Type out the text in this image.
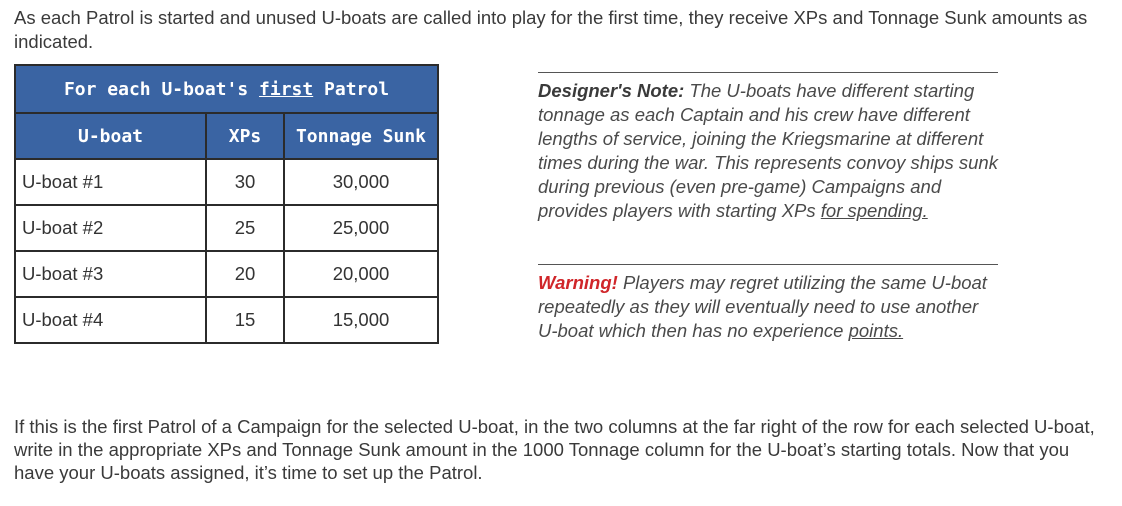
As each Patrol is started and unused U-boats are called into play for the first time, they receive XPs and Tonnage Sunk amounts as indicated.

For each U-boat's first Patrol		
U-boat	XPs	Tonnage Sunk
U-boat #1	30	30,000
U-boat #2	25	25,000
U-boat #3	20	20,000
U-boat #4	15	15,000
Designer's Note: The U-boats have different starting tonnage as each Captain and his crew have different lengths of service, joining the Kriegsmarine at different times during the war. This represents convoy ships sunk during previous (even pre-game) Campaigns and provides players with starting XPs for spending.
Warning! Players may regret utilizing the same U-boat repeatedly as they will eventually need to use another U-boat which then has no experience points.

If this is the first Patrol of a Campaign for the selected U-boat, in the two columns at the far right of the row for each selected U-boat, write in the appropriate XPs and Tonnage Sunk amount in the 1000 Tonnage column for the U-boat’s starting totals. Now that you have your U-boats assigned, it’s time to set up the Patrol.
